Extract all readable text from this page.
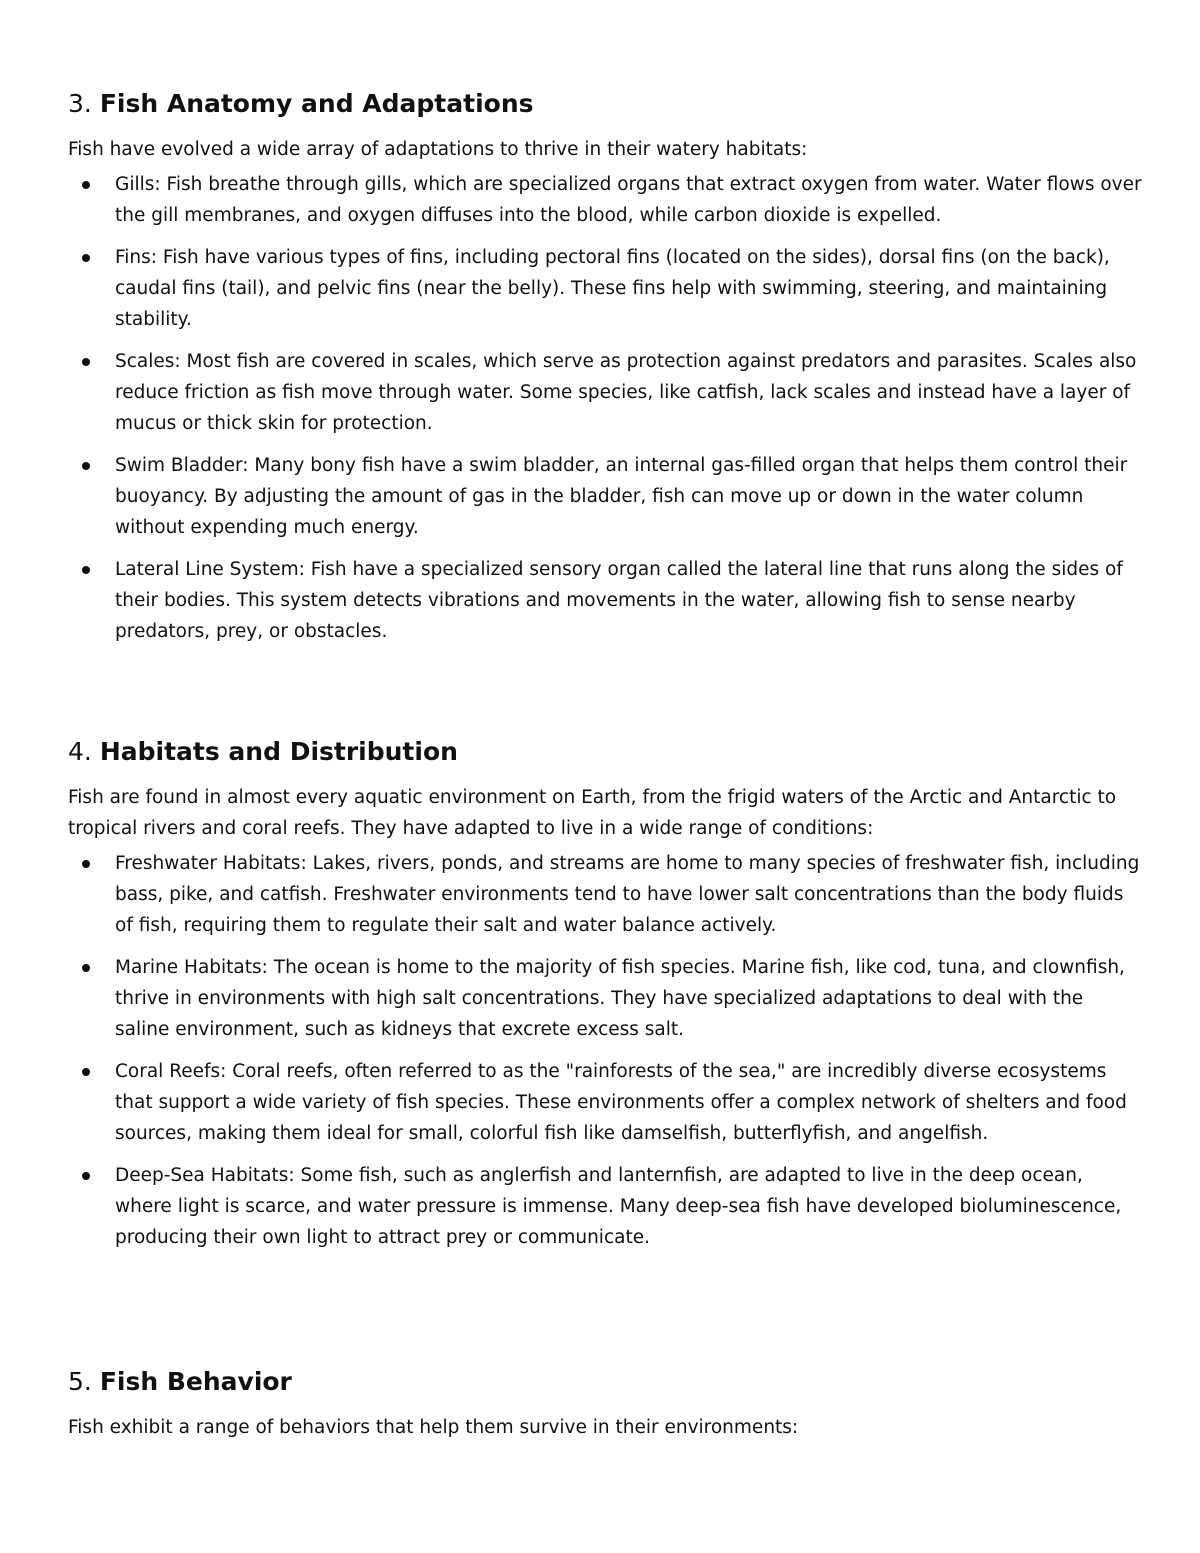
3. Fish Anatomy and Adaptations

Fish have evolved a wide array of adaptations to thrive in their watery habitats:

Gills: Fish breathe through gills, which are specialized organs that extract oxygen from water. Water flows over the gill membranes, and oxygen diffuses into the blood, while carbon dioxide is expelled.
Fins: Fish have various types of fins, including pectoral fins (located on the sides), dorsal fins (on the back), caudal fins (tail), and pelvic fins (near the belly). These fins help with swimming, steering, and maintaining stability.
Scales: Most fish are covered in scales, which serve as protection against predators and parasites. Scales also reduce friction as fish move through water. Some species, like catfish, lack scales and instead have a layer of mucus or thick skin for protection.
Swim Bladder: Many bony fish have a swim bladder, an internal gas-filled organ that helps them control their buoyancy. By adjusting the amount of gas in the bladder, fish can move up or down in the water column without expending much energy.
Lateral Line System: Fish have a specialized sensory organ called the lateral line that runs along the sides of their bodies. This system detects vibrations and movements in the water, allowing fish to sense nearby predators, prey, or obstacles.
4. Habitats and Distribution

Fish are found in almost every aquatic environment on Earth, from the frigid waters of the Arctic and Antarctic to tropical rivers and coral reefs. They have adapted to live in a wide range of conditions:

Freshwater Habitats: Lakes, rivers, ponds, and streams are home to many species of freshwater fish, including bass, pike, and catfish. Freshwater environments tend to have lower salt concentrations than the body fluids of fish, requiring them to regulate their salt and water balance actively.
Marine Habitats: The ocean is home to the majority of fish species. Marine fish, like cod, tuna, and clownfish, thrive in environments with high salt concentrations. They have specialized adaptations to deal with the saline environment, such as kidneys that excrete excess salt.
Coral Reefs: Coral reefs, often referred to as the "rainforests of the sea," are incredibly diverse ecosystems that support a wide variety of fish species. These environments offer a complex network of shelters and food sources, making them ideal for small, colorful fish like damselfish, butterflyfish, and angelfish.
Deep-Sea Habitats: Some fish, such as anglerfish and lanternfish, are adapted to live in the deep ocean, where light is scarce, and water pressure is immense. Many deep-sea fish have developed bioluminescence, producing their own light to attract prey or communicate.
5. Fish Behavior

Fish exhibit a range of behaviors that help them survive in their environments:
